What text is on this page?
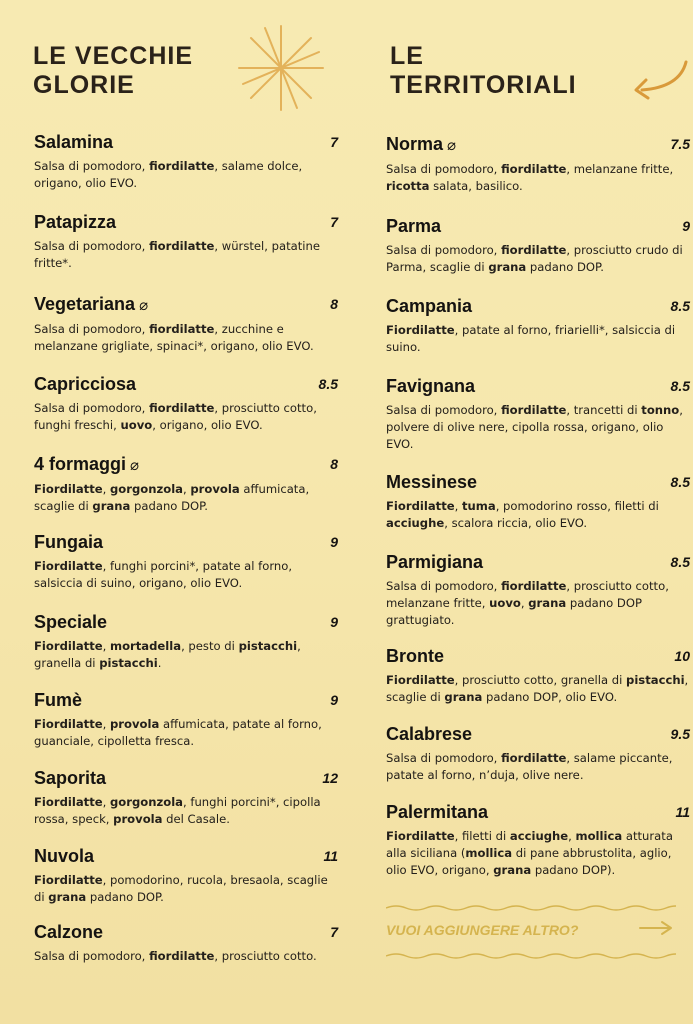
LE VECCHIE
GLORIE
LE
TERRITORIALI
Salamina	7
Salsa di pomodoro, fiordilatte, salame dolce, origano, olio EVO.
Patapizza	7
Salsa di pomodoro, fiordilatte, würstel, patatine fritte*.
Vegetariana ⌀	8
Salsa di pomodoro, fiordilatte, zucchine e melanzane grigliate, spinaci*, origano, olio EVO.
Capricciosa	8.5
Salsa di pomodoro, fiordilatte, prosciutto cotto, funghi freschi, uovo, origano, olio EVO.
4 formaggi ⌀	8
Fiordilatte, gorgonzola, provola affumicata, scaglie di grana padano DOP.
Fungaia	9
Fiordilatte, funghi porcini*, patate al forno, salsiccia di suino, origano, olio EVO.
Speciale	9
Fiordilatte, mortadella, pesto di pistacchi, granella di pistacchi.
Fumè	9
Fiordilatte, provola affumicata, patate al forno, guanciale, cipolletta fresca.
Saporita	12
Fiordilatte, gorgonzola, funghi porcini*, cipolla rossa, speck, provola del Casale.
Nuvola	11
Fiordilatte, pomodorino, rucola, bresaola, scaglie di grana padano DOP.
Calzone	7
Salsa di pomodoro, fiordilatte, prosciutto cotto.
Norma ⌀	7.5
Salsa di pomodoro, fiordilatte, melanzane fritte, ricotta salata, basilico.
Parma	9
Salsa di pomodoro, fiordilatte, prosciutto crudo di Parma, scaglie di grana padano DOP.
Campania	8.5
Fiordilatte, patate al forno, friarielli*, salsiccia di suino.
Favignana	8.5
Salsa di pomodoro, fiordilatte, trancetti di tonno, polvere di olive nere, cipolla rossa, origano, olio EVO.
Messinese	8.5
Fiordilatte, tuma, pomodorino rosso, filetti di acciughe, scalora riccia, olio EVO.
Parmigiana	8.5
Salsa di pomodoro, fiordilatte, prosciutto cotto, melanzane fritte, uovo, grana padano DOP grattugiato.
Bronte	10
Fiordilatte, prosciutto cotto, granella di pistacchi, scaglie di grana padano DOP, olio EVO.
Calabrese	9.5
Salsa di pomodoro, fiordilatte, salame piccante, patate al forno, n’duja, olive nere.
Palermitana	11
Fiordilatte, filetti di acciughe, mollica atturata alla siciliana (mollica di pane abbrustolita, aglio, olio EVO, origano, grana padano DOP).
VUOI AGGIUNGERE ALTRO?
